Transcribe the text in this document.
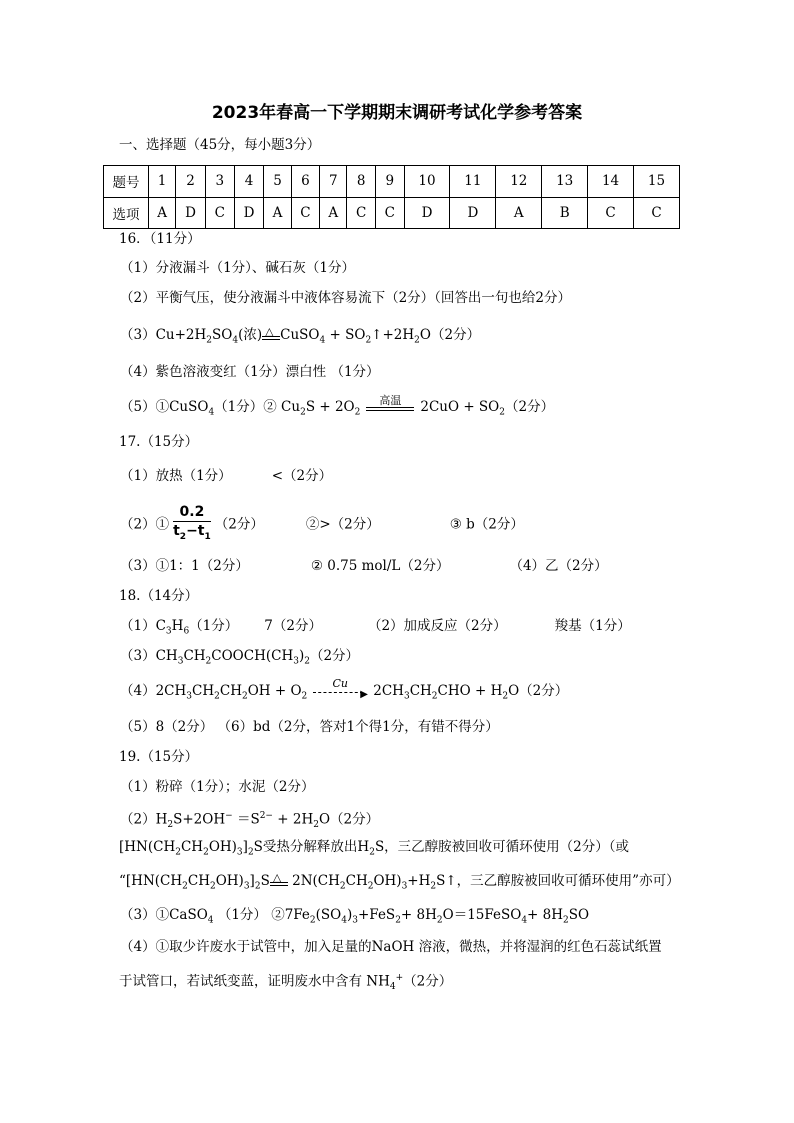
2023年春高一下学期期末调研考试化学参考答案
一、选择题（45分，每小题3分）
题号	1	2	3	4	5	6	7	8	9	10	11	12	13	14	15
选项	A	D	C	D	A	C	A	C	C	D	D	A	B	C	C
16．（11分）
（1）分液漏斗（1分）、碱石灰（1分）
（2）平衡气压，使分液漏斗中液体容易流下（2分）（回答出一句也给2分）
$(3)Cu+2H_2SO_4$(浓) △ CuSO$_4$ + $SO_2↑+2H_2O(2$分）
（4）紫色溶液变红（1分）漂白性 （1分）
（5）①CuSO$_4$（1分）② $Cu_2S + 2O_2$
高温	$2CuO + SO_2(2$分）
17.（15分）
（1）放热（1分）	<（2分）
（2）① $\frac{0.2}{t_2-t_1} (2$分）	②>（2分）	③ b（2分）
（3）①1：1（2分）	② 0.75 mol/L（2分）	（4）乙（2分）
18.（14分）
$(1)C_3H_6(1$分） 7（2分）	（2）加成反应（2分）	羧基（1分）
$(3)CH_3CH_2COOCH(CH_3)_2(2$分）
$(4)2CH_3CH_2CH_2OH + O_2$
Cu
▶ $2CH_3CH_2CHO + H_2O(2$分）
（5）8（2分） （6）bd（2分，答对1个得1分，有错不得分）
19.（15分）
（1）粉碎（1分）；水泥（2分）
$(2)H_2S+2OH^- =S^{2-} + 2H_2O(2$分）
$[HN(CH_2CH_2OH)_3]_2S$受热分解释放出$H_2S$，三乙醇胺被回收可循环使用（2分）（或
“$[HN(CH_2CH_2OH)_3]_2S$ △ $2N(CH_2CH_2OH)_3+H_2S↑$，三乙醇胺被回收可循环使用”亦可）
（3）①CaSO$_4$ （1分） $②7Fe_2(SO_4)_3+FeS_2+$ $8H_2O=15FeSO_4+ 8H_2SO$
（4）①取少许废水于试管中，加入足量的NaOH 溶液，微热，并将湿润的红色石蕊试纸置
于试管口，若试纸变蓝，证明废水中含有 $NH_4^+(2$分）
